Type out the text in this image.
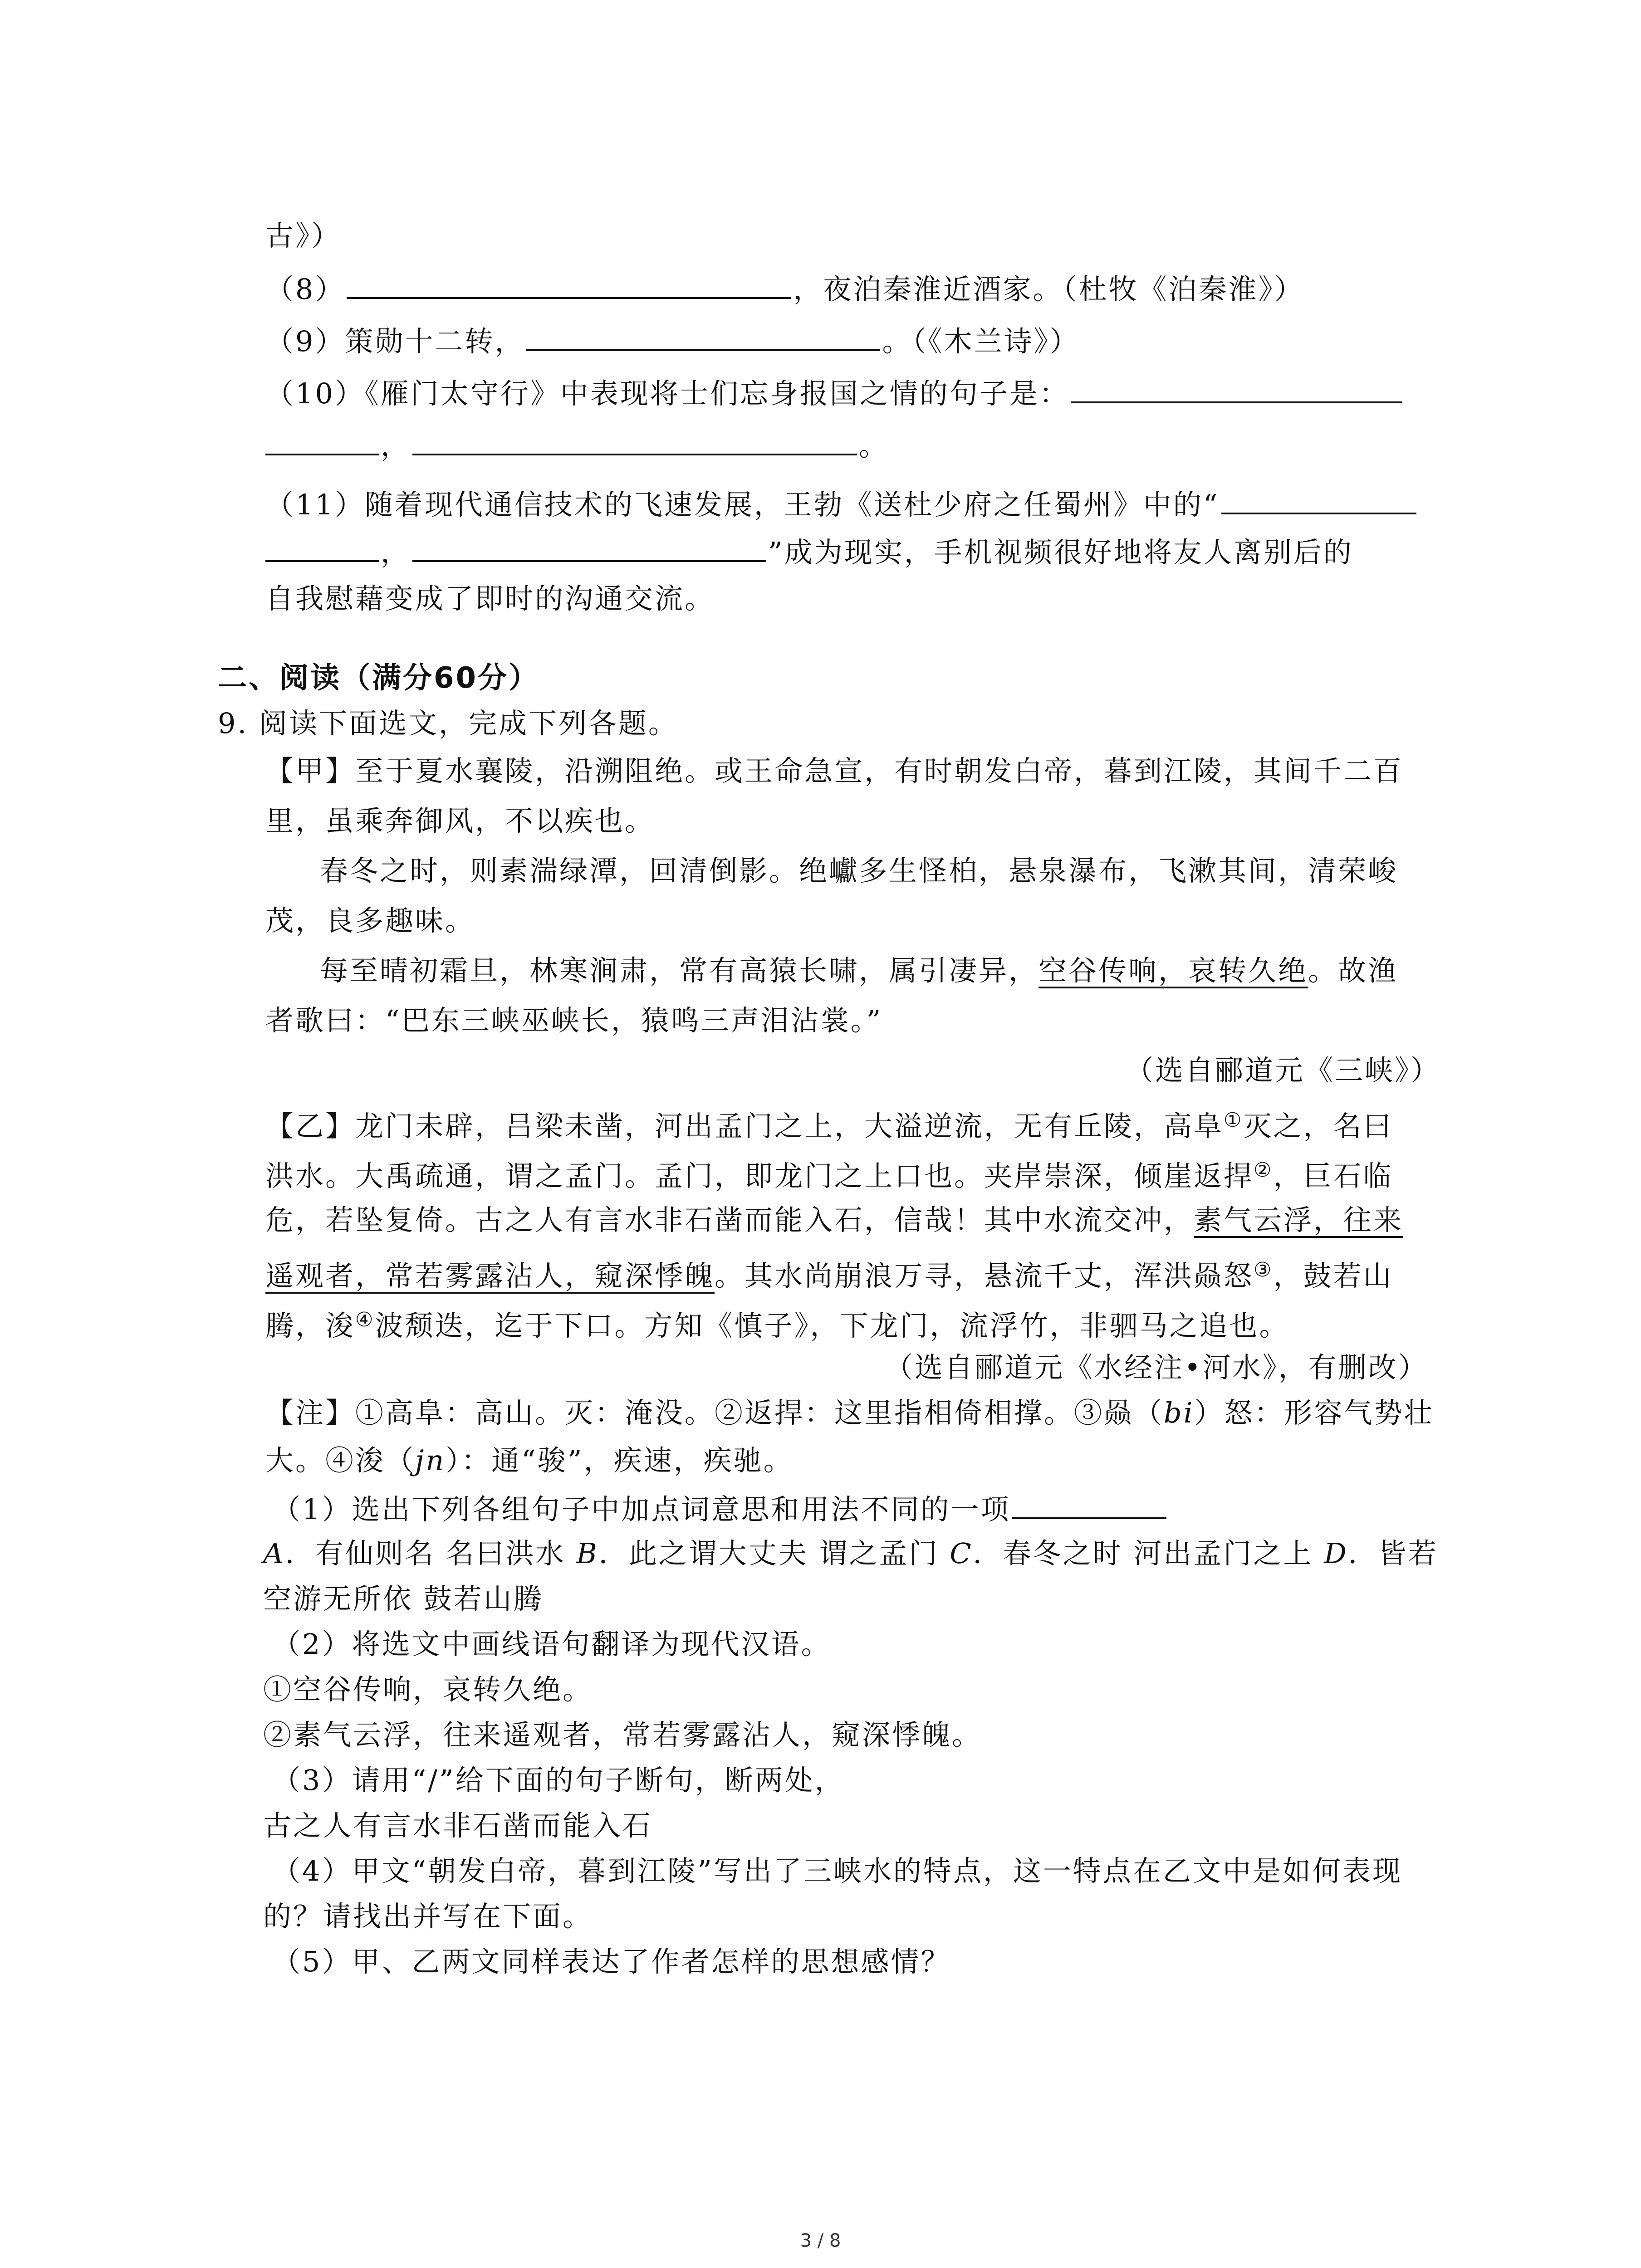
古》）
（8）	，夜泊秦淮近酒家。（杜牧《泊秦淮》）
（9）策勋十二转，	。（《木兰诗》）
（10）《雁门太守行》中表现将士们忘身报国之情的句子是：
，	。
（11）随着现代通信技术的飞速发展，王勃《送杜少府之任蜀州》中的“
，	”成为现实，手机视频很好地将友人离别后的
自我慰藉变成了即时的沟通交流。
二、阅读（满分60分）
9. 阅读下面选文，完成下列各题。
【甲】至于夏水襄陵，沿溯阻绝。或王命急宣，有时朝发白帝，暮到江陵，其间千二百
里，虽乘奔御风，不以疾也。
春冬之时，则素湍绿潭，回清倒影。绝巘多生怪柏，悬泉瀑布，飞漱其间，清荣峻
茂，良多趣味。
每至晴初霜旦，林寒涧肃，常有高猿长啸，属引凄异，空谷传响，哀转久绝。故渔
者歌曰：“巴东三峡巫峡长，猿鸣三声泪沾裳。”
（选自郦道元《三峡》）
【乙】龙门未辟，吕梁未凿，河出孟门之上，大溢逆流，无有丘陵，高阜①灭之，名曰
洪水。大禹疏通，谓之孟门。孟门，即龙门之上口也。夹岸崇深，倾崖返捍②，巨石临
危，若坠复倚。古之人有言水非石凿而能入石，信哉！其中水流交冲，素气云浮，往来
遥观者，常若雾露沾人，窥深悸魄。其水尚崩浪万寻，悬流千丈，浑洪赑怒③，鼓若山
腾，浚④波颓迭，迄于下口。方知《慎子》，下龙门，流浮竹，非驷马之追也。
（选自郦道元《水经注•河水》，有删改）
【注】①高阜：高山。灭：淹没。②返捍：这里指相倚相撑。③赑（bi）怒：形容气势壮
大。④浚（jn）：通“骏”，疾速，疾驰。
（1）选出下列各组句子中加点词意思和用法不同的一项
A．有仙则名 名曰洪水 B．此之谓大丈夫 谓之孟门 C．春冬之时 河出孟门之上 D．皆若
空游无所依 鼓若山腾
（2）将选文中画线语句翻译为现代汉语。
①空谷传响，哀转久绝。
②素气云浮，往来遥观者，常若雾露沾人，窥深悸魄。
（3）请用“/”给下面的句子断句，断两处，
古之人有言水非石凿而能入石
（4）甲文“朝发白帝，暮到江陵”写出了三峡水的特点，这一特点在乙文中是如何表现
的？请找出并写在下面。
（5）甲、乙两文同样表达了作者怎样的思想感情？
3 / 8
